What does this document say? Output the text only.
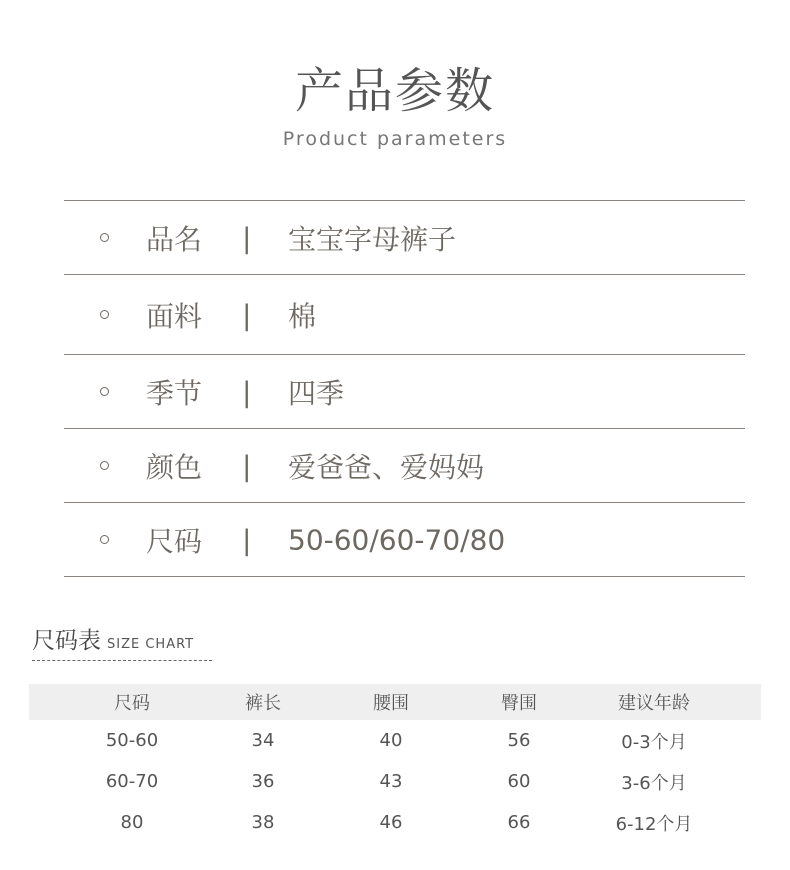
产品参数
Product parameters
品名 | 宝宝字母裤子
面料 | 棉
季节 | 四季
颜色 | 爱爸爸、爱妈妈
尺码 | 50-60/60-70/80
尺码表 SIZE CHART
尺码	裤长	腰围	臀围	建议年龄
50-60	34	40	56	0-3个月
60-70	36	43	60	3-6个月
80	38	46	66	6-12个月
